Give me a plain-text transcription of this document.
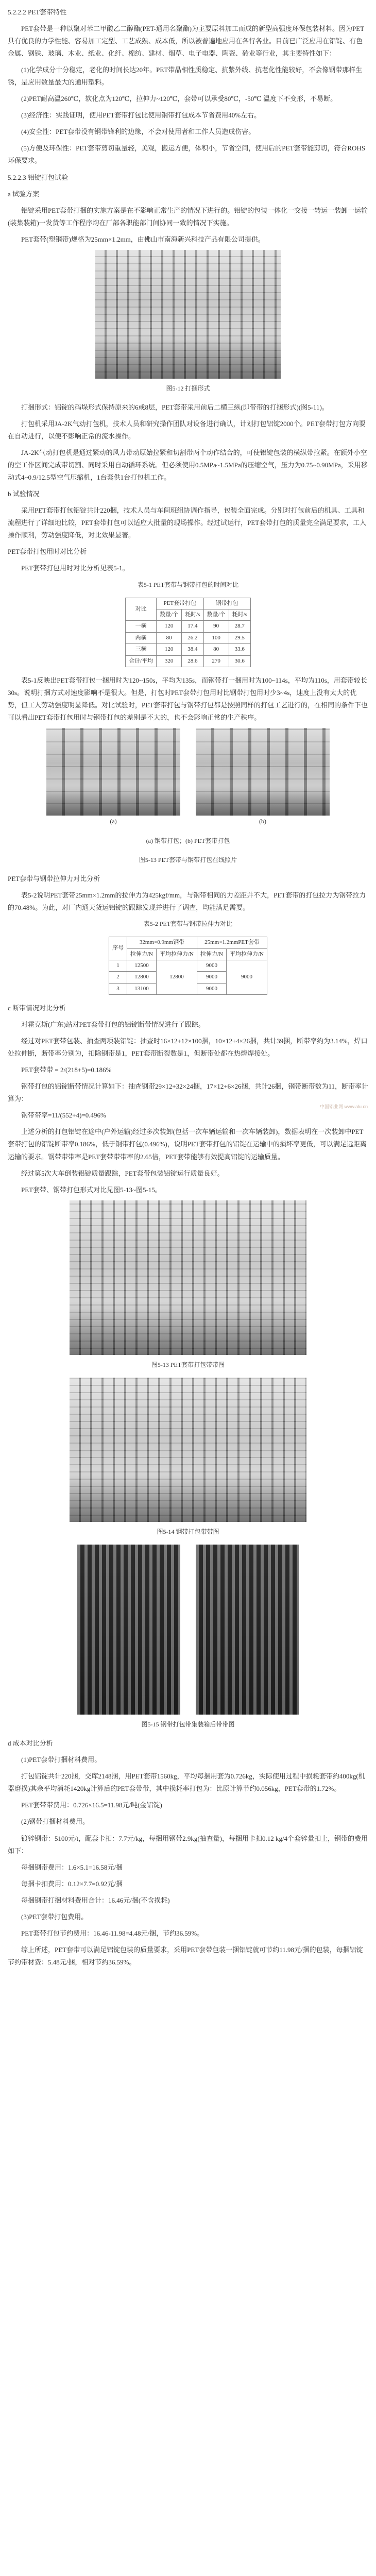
5.2.2.2 PET套带特性

PET套带是一种以聚对苯二甲酸乙二醇酯(PET-通用名聚酯)为主要原料加工而成的新型高强度环保包装材料。因为PET具有优良的力学性能、容易加工定型、工艺成熟、成本低，所以被普遍地应用在各行各业。目前已广泛应用在铝锭、有色金属、钢铁、玻璃、木业、纸业、化纤、棉纺、建材、烟草、电子电器、陶瓷、砖业等行业，其主要特性如下：

(1)化学成分十分稳定，老化的时间长达20年。PET带晶相性质稳定、抗紫外线、抗老化性能较好，不会像钢带那样生锈，是应用数量最大的通用塑料。

(2)PET耐高温260℃，软化点为120℃，拉伸力~120℃，套带可以承受80℃，-50℃ 温度下不变形，不易断。

(3)经济性：实践证明，使用PET套带打包比使用钢带打包成本节省费用40%左右。

(4)安全性：PET套带没有钢带锋利的边缘，不会对使用者和工作人员造成伤害。

(5)方便及环保性：PET套带剪切重量轻，美观，搬运方便，体积小，节省空间，使用后的PET套带能剪切，符合ROHS环保要求。

5.2.2.3 铝锭打包试验

a 试验方案

铝锭采用PET套带打捆的实施方案是在不影响正常生产的情况下进行的。铝锭的包装一体化一交接一转运一装卸一运输(装集装箱)一发货等工作程序均在厂部各职能部门间协同一致的情况下实施。

PET套带(塑钢带)规格为25mm×1.2mm，由佛山市南海新兴科技产品有限公司提供。

图5-12 打捆形式

打捆形式：铝锭的码垛形式保持原来的6或8层，PET套带采用前后二横三纵(即带带的打捆形式)(图5-11)。

打包机采用JA-2K气动打包机，技术人员和研究操作团队对设备进行确认，计划打包铝锭2000个。PET套带打包方向要在自动进行，以便不影响正常的流水操作。

JA-2K气动打包机是通过紧动的风力带动原始拉紧和切割带两个动作结合的，可使铝锭包装的横纵带拉紧。在额外小空的空工作区间完成带切割、同时采用自动循环系统。但必须使用0.5MPa~1.5MPa的压缩空气，压力为0.75~0.90MPa，采用移动式4~0.9/12.5型空气压缩机，1台套供1台打包机工作。

b 试验情况

采用PET套带打包铝锭共计220捆，技术人员与车间班组协调作指导，包装全面完成。分别对打包前后的机具、工具和流程进行了详细地比较，PET套带打包可以适应大批量的现场操作。经过试运行，PET套带打包的质量完全满足要求，工人操作顺利，劳动强度降低，对比效果显著。

PET套带打包用时对比分析

PET套带打包用时对比分析见表5-1。

表5-1 PET套带与钢带打包的时间对比

对比	PET套带打包		钢带打包	
	数量/个	耗时/s	数量/个	耗时/s
一横	120	17.4	90	28.7
两横	80	26.2	100	29.5
三横	120	38.4	80	33.6
合计/平均	320	28.6	270	30.6

表5-1反映出PET套带打包一捆用时为120~150s，平均为135s，而钢带打一捆用时为100~114s，平均为110s，用套带较长30s。说明打捆方式对速度影响不是很大。但是，打包时PET套带打包用时比钢带打包用时少3~4s，速度上没有太大的优势，但工人劳动强度明显降低。对比试验时，PET套带打包与钢带打包都是按照同样的打包工艺进行的，在相同的条件下也可以看出PET套带打包用时与钢带打包的差别是不大的，也不会影响正常的生产秩序。

(a)	(b)

(a) 钢带打包；(b) PET套带打包

图5-13 PET套带与钢带打包在线照片

PET套带与钢带拉伸力对比分析

表5-2说明PET套带25mm×1.2mm的拉伸力为425kgf/mm，与钢带相同的力差距并不大，PET套带的打包拉力为钢带拉力的70.48%。为此，对厂内通天货运铝锭的跟踪发现并进行了调查，均能满足需要。

表5-2 PET套带与钢带拉伸力对比

序号	32mm×0.9mm钢带		25mm×1.2mmPET套带	
	拉伸力/N	平均拉伸力/N	拉伸力/N	平均拉伸力/N
1	12500	12800	9000	9000
2	12800		9000	
3	13100		9000	

c 断带情况对比分析

对霍克斯(广东)站对PET套带打包的铝锭断带情况进行了跟踪。

经过对PET套带包装、抽查两项装铝锭：抽查时16×12+12×100捆，10×12+4×26捆，共计39捆，断带率约为3.14%，焊口处拉伸断，断带率分别为，扣除钢带是1，PET套带断裂数是1，但断带处都在热熔焊接处。

PET套带带 = 2/(218+5)=0.186%

钢带打包的铝锭断带情况计算如下：抽查钢带29×12+32×24捆，17×12+6×26捆，共计26捆，钢带断带数为11，断带率计算为：

钢带带率=11/(552+4)=0.496%

上述分析的打包铝锭在途中(户外运输)经过多次装卸(包括一次车辆运输和一次车辆装卸)，数据表明在一次装卸中PET套带打包的铝锭断带率0.186%，低于钢带打包(0.496%)，说明PET套带打包的铝锭在运输中的损坏率更低，可以满足远距离运输的要求。钢带带带率是PET套带带带率的2.65倍，PET套带能够有效提高铝锭的运输质量。

经过第5次大车倒装铝锭质量跟踪，PET套带包装铝锭运行质量良好。

PET套带、钢带打包形式对比见图5-13~图5-15。

图5-13 PET套带打包带带图

图5-14 钢带打包带带图

图5-15 钢带打包带集装箱后带带图

d 成本对比分析

(1)PET套带打捆材料费用。

打包铝锭共计220捆，交库2148捆，用PET套带1560kg，平均每捆用套为0.726kg，实际使用过程中损耗套带约400kg(机器磨损)其余平均消耗1420kg计算后的PET套带带，其中损耗率打包为：比原计算节约0.056kg，PET套带的1.72%。

PET套带带费用：0.726×16.5=11.98元/吨(金铝锭)

(2)钢带打捆材料费用。

镀锌钢带：5100元/t，配套卡扣：7.7元/kg，每捆用钢带2.9kg(抽查量)，每捆用卡扣0.12 kg/4个套锌量扣上，钢带的费用如下：

每捆钢带费用：1.6×5.1=16.58元/捆

每捆卡扣费用：0.12×7.7=0.92元/捆

每捆钢带打捆材料费用合计：16.46元/捆(不含损耗)

(3)PET套带打包费用。

PET套带打包节约费用：16.46-11.98=4.48元/捆，节约36.59%。

综上所述，PET套带可以满足铝锭包装的质量要求，采用PET套带包装一捆铝锭就可节约11.98元/捆的包装，每捆铝锭节约带材费：5.48元/捆，相对节约36.59%。

中国铝业网 www.alu.cn
